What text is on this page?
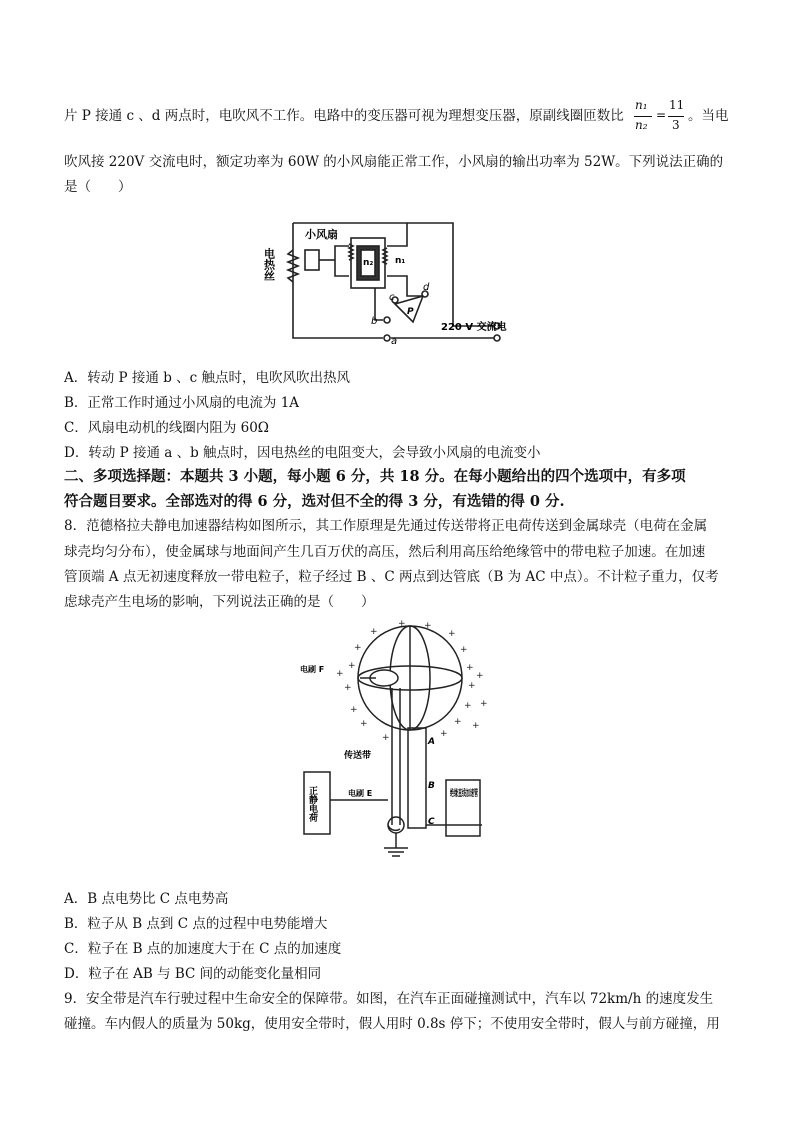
片 P 接通 c 、d 两点时，电吹风不工作。电路中的变压器可视为理想变压器，原副线圈匝数比
n₁
n₂
=
11
3
。当电
吹风接 220V 交流电时，额定功率为 60W 的小风扇能正常工作，小风扇的输出功率为 52W。下列说法正确的
是（　　）
电热丝
小风扇
n₂ n₁
a
b
c
d
P
220 V 交流电
A．转动 P 接通 b 、c 触点时，电吹风吹出热风
B．正常工作时通过小风扇的电流为 1A
C．风扇电动机的线圈内阻为 60Ω
D．转动 P 接通 a 、b 触点时，因电热丝的电阻变大，会导致小风扇的电流变小
二、多项选择题：本题共 3 小题，每小题 6 分，共 18 分。在每小题给出的四个选项中，有多项
符合题目要求。全部选对的得 6 分，选对但不全的得 3 分，有选错的得 0 分.
8．范德格拉夫静电加速器结构如图所示，其工作原理是先通过传送带将正电荷传送到金属球壳（电荷在金属
球壳均匀分布），使金属球与地面间产生几百万伏的高压，然后利用高压给绝缘管中的带电粒子加速。在加速
管顶端 A 点无初速度释放一带电粒子，粒子经过 B 、C 两点到达管底（B 为 AC 中点）。不计粒子重力，仅考
虑球壳产生电场的影响，下列说法正确的是（　　）
+
+ +
+
+
+
+
+
+
+
+
+
+
+
+
+
+
+
+
+
电刷 F
传送带
电刷 E
正静电荷	绝缘直线加速管
A
B
C
A．B 点电势比 C 点电势高
B．粒子从 B 点到 C 点的过程中电势能增大
C．粒子在 B 点的加速度大于在 C 点的加速度
D．粒子在 AB 与 BC 间的动能变化量相同
9．安全带是汽车行驶过程中生命安全的保障带。如图，在汽车正面碰撞测试中，汽车以 72km/h 的速度发生
碰撞。车内假人的质量为 50kg，使用安全带时，假人用时 0.8s 停下；不使用安全带时，假人与前方碰撞，用
